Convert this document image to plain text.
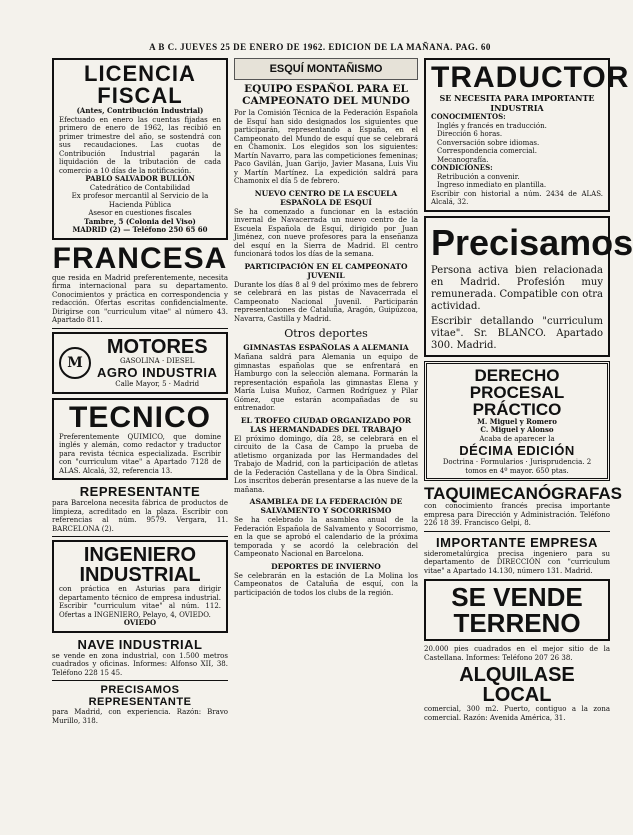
A B C. JUEVES 25 DE ENERO DE 1962. EDICION DE LA MAÑANA. PAG. 60
LICENCIA FISCAL
(Antes, Contribución Industrial)
Efectuado en enero las cuentas fijadas en primero de enero de 1962, las recibió en primer trimestre del año, se sostendrá con sus recaudaciones. Las cuotas de Contribución Industrial pagarán la liquidación de la tributación de cada comercio a 10 días de la notificación.
PABLO SALVADOR BULLÓN
Catedrático de Contabilidad
Ex profesor mercantil al Servicio de la Hacienda Pública
Asesor en cuestiones fiscales
Tambre, 5 (Colonia del Viso)
MADRID (2) — Teléfono 250 65 60
FRANCESA
que resida en Madrid preferentemente, necesita firma internacional para su departamento. Conocimientos y práctica en correspondencia y redacción. Ofertas escritas confidencialmente. Dirigirse con "curriculum vitae" al número 43. Apartado 811.
M
MOTORES
GASOLINA · DIESEL
AGRO INDUSTRIA
Calle Mayor, 5 · Madrid
TECNICO
Preferentemente QUIMICO, que domine inglés y alemán, como redactor y traductor para revista técnica especializada. Escribir con "curriculum vitae" a Apartado 7128 de ALAS. Alcalá, 32, referencia 13.
REPRESENTANTE
para Barcelona necesita fábrica de productos de limpieza, acreditado en la plaza. Escribir con referencias al núm. 9579. Vergara, 11. BARCELONA (2).
INGENIERO INDUSTRIAL
con práctica en Asturias para dirigir departamento técnico de empresa industrial. Escribir "curriculum vitae" al núm. 112. Ofertas a INGENIERO, Pelayo, 4, OVIEDO.
OVIEDO
NAVE INDUSTRIAL
se vende en zona industrial, con 1.500 metros cuadrados y oficinas. Informes: Alfonso XII, 38. Teléfono 228 15 45.
PRECISAMOS REPRESENTANTE
para Madrid, con experiencia. Razón: Bravo Murillo, 318.
ESQUÍ MONTAÑISMO
EQUIPO ESPAÑOL PARA EL CAMPEONATO DEL MUNDO

Por la Comisión Técnica de la Federación Española de Esquí han sido designados los siguientes que participarán, representando a España, en el Campeonato del Mundo de esquí que se celebrará en Chamonix. Los elegidos son los siguientes: Martín Navarro, para las competiciones femeninas; Paco Gavilán, Juan Garijo, Javier Masana, Luis Viu y Martín Martínez. La expedición saldrá para Chamonix el día 5 de febrero.

NUEVO CENTRO DE LA ESCUELA ESPAÑOLA DE ESQUÍ

Se ha comenzado a funcionar en la estación invernal de Navacerrada un nuevo centro de la Escuela Española de Esquí, dirigido por Juan Jiménez, con nueve profesores para la enseñanza del esquí en la Sierra de Madrid. El centro funcionará todos los días de la semana.

PARTICIPACIÓN EN EL CAMPEONATO JUVENIL

Durante los días 8 al 9 del próximo mes de febrero se celebrará en las pistas de Navacerrada el Campeonato Nacional Juvenil. Participarán representaciones de Cataluña, Aragón, Guipúzcoa, Navarra, Castilla y Madrid.

Otros deportes
GIMNASTAS ESPAÑOLAS A ALEMANIA

Mañana saldrá para Alemania un equipo de gimnastas españolas que se enfrentará en Hamburgo con la selección alemana. Formarán la representación española las gimnastas Elena y María Luisa Muñoz, Carmen Rodríguez y Pilar Gómez, que estarán acompañadas de su entrenador.

EL TROFEO CIUDAD ORGANIZADO POR LAS HERMANDADES DEL TRABAJO

El próximo domingo, día 28, se celebrará en el circuito de la Casa de Campo la prueba de atletismo organizada por las Hermandades del Trabajo de Madrid, con la participación de atletas de la Federación Castellana y de la Obra Sindical. Los inscritos deberán presentarse a las nueve de la mañana.

ASAMBLEA DE LA FEDERACIÓN DE SALVAMENTO Y SOCORRISMO

Se ha celebrado la asamblea anual de la Federación Española de Salvamento y Socorrismo, en la que se aprobó el calendario de la próxima temporada y se acordó la celebración del Campeonato Nacional en Barcelona.

DEPORTES DE INVIERNO

Se celebrarán en la estación de La Molina los Campeonatos de Cataluña de esquí, con la participación de todos los clubs de la región.

TRADUCTOR
SE NECESITA PARA IMPORTANTE INDUSTRIA
CONOCIMIENTOS:
Inglés y francés en traducción.
Dirección 6 horas.
Conversación sobre idiomas.
Correspondencia comercial.
Mecanografía.
CONDICIONES:
Retribución a convenir.
Ingreso inmediato en plantilla.
Escribir con historial a núm. 2434 de ALAS. Alcalá, 32.
Precisamos
Persona activa bien relacionada en Madrid. Profesión muy remunerada. Compatible con otra actividad.
Escribir detallando "curriculum vitae". Sr. BLANCO. Apartado 300. Madrid.
DERECHO PROCESAL PRÁCTICO
M. Miguel y Romero
C. Miguel y Alonso
Acaba de aparecer la
DÉCIMA EDICIÓN
Doctrina · Formularios · Jurisprudencia. 2 tomos en 4º mayor. 650 ptas.
TAQUIMECANÓGRAFAS
con conocimiento francés precisa importante empresa para Dirección y Administración. Teléfono 226 18 39. Francisco Gelpi, 8.
IMPORTANTE EMPRESA
siderometalúrgica precisa ingeniero para su departamento de DIRECCIÓN con "curriculum vitae" a Apartado 14.130, número 131. Madrid.
SE VENDE TERRENO
20.000 pies cuadrados en el mejor sitio de la Castellana. Informes: Teléfono 207 26 38.
ALQUILASE LOCAL
comercial, 300 m2. Puerto, contiguo a la zona comercial. Razón: Avenida América, 31.
